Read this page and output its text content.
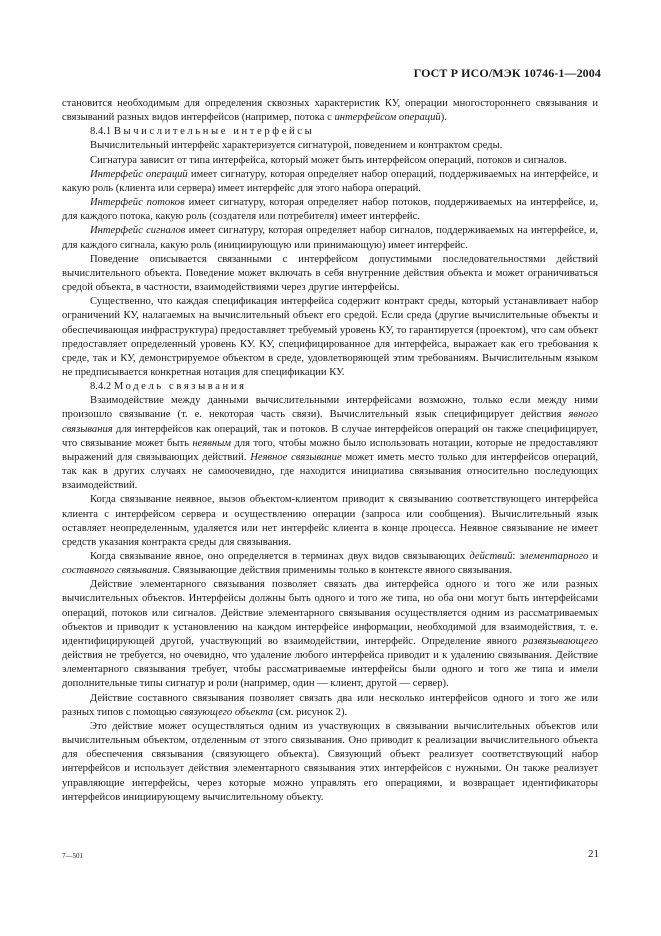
ГОСТ Р ИСО/МЭК 10746-1—2004

становится необходимым для определения сквозных характеристик КУ, операции многостороннего связывания и связываний разных видов интерфейсов (например, потока с интерфейсом операций).

8.4.1 Вычислительные интерфейсы

Вычислительный интерфейс характеризуется сигнатурой, поведением и контрактом среды.

Сигнатура зависит от типа интерфейса, который может быть интерфейсом операций, потоков и сигналов.

Интерфейс операций имеет сигнатуру, которая определяет набор операций, поддерживаемых на интерфейсе, и какую роль (клиента или сервера) имеет интерфейс для этого набора операций.

Интерфейс потоков имеет сигнатуру, которая определяет набор потоков, поддерживаемых на интерфейсе, и, для каждого потока, какую роль (создателя или потребителя) имеет интерфейс.

Интерфейс сигналов имеет сигнатуру, которая определяет набор сигналов, поддерживаемых на интерфейсе, и, для каждого сигнала, какую роль (инициирующую или принимающую) имеет интерфейс.

Поведение описывается связанными с интерфейсом допустимыми последовательностями действий вычислительного объекта. Поведение может включать в себя внутренние действия объекта и может ограничиваться средой объекта, в частности, взаимодействиями через другие интерфейсы.

Существенно, что каждая спецификация интерфейса содержит контракт среды, который устанавливает набор ограничений КУ, налагаемых на вычислительный объект его средой. Если среда (другие вычислительные объекты и обеспечивающая инфраструктура) предоставляет требуемый уровень КУ, то гарантируется (проектом), что сам объект предоставляет определенный уровень КУ. КУ, специфицированное для интерфейса, выражает как его требования к среде, так и КУ, демонстрируемое объектом в среде, удовлетворяющей этим требованиям. Вычислительным языком не предписывается конкретная нотация для спецификации КУ.

8.4.2 Модель связывания

Взаимодействие между данными вычислительными интерфейсами возможно, только если между ними произошло связывание (т. е. некоторая часть связи). Вычислительный язык специфицирует действия явного связывания для интерфейсов как операций, так и потоков. В случае интерфейсов операций он также специфицирует, что связывание может быть неявным для того, чтобы можно было использовать нотации, которые не предоставляют выражений для связывающих действий. Неявное связывание может иметь место только для интерфейсов операций, так как в других случаях не самоочевидно, где находится инициатива связывания относительно последующих взаимодействий.

Когда связывание неявное, вызов объектом-клиентом приводит к связыванию соответствующего интерфейса клиента с интерфейсом сервера и осуществлению операции (запроса или сообщения). Вычислительный язык оставляет неопределенным, удаляется или нет интерфейс клиента в конце процесса. Неявное связывание не имеет средств указания контракта среды для связывания.

Когда связывание явное, оно определяется в терминах двух видов связывающих действий: элементарного и составного связывания. Связывающие действия применимы только в контексте явного связывания.

Действие элементарного связывания позволяет связать два интерфейса одного и того же или разных вычислительных объектов. Интерфейсы должны быть одного и того же типа, но оба они могут быть интерфейсами операций, потоков или сигналов. Действие элементарного связывания осуществляется одним из рассматриваемых объектов и приводит к установлению на каждом интерфейсе информации, необходимой для взаимодействия, т. е. идентифицирующей другой, участвующий во взаимодействии, интерфейс. Определение явного развязывающего действия не требуется, но очевидно, что удаление любого интерфейса приводит и к удалению связывания. Действие элементарного связывания требует, чтобы рассматриваемые интерфейсы были одного и того же типа и имели дополнительные типы сигнатур и роли (например, один — клиент, другой — сервер).

Действие составного связывания позволяет связать два или несколько интерфейсов одного и того же или разных типов с помощью связующего объекта (см. рисунок 2).

Это действие может осуществляться одним из участвующих в связывании вычислительных объектов или вычислительным объектом, отделенным от этого связывания. Оно приводит к реализации вычислительного объекта для обеспечения связывания (связующего объекта). Связующий объект реализует соответствующий набор интерфейсов и использует действия элементарного связывания этих интерфейсов с нужными. Он также реализует управляющие интерфейсы, через которые можно управлять его операциями, и возвращает идентификаторы интерфейсов инициирующему вычислительному объекту.

7—501	21
